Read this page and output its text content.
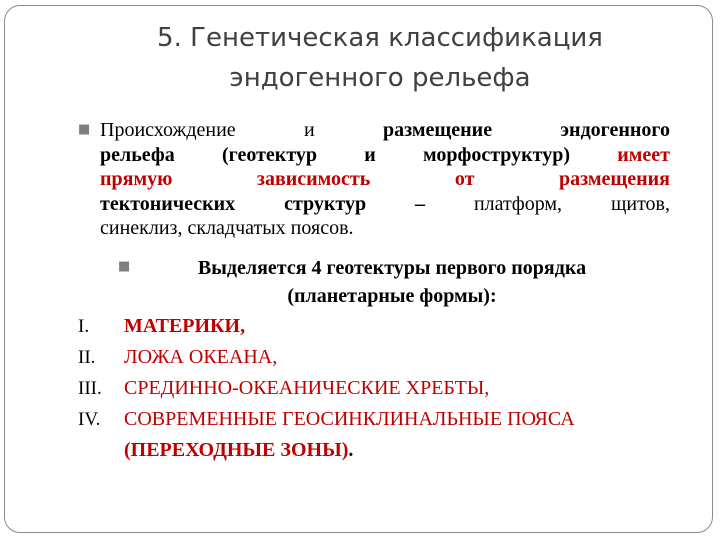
5. Генетическая классификация
эндогенного рельефа
■ Происхождение и размещение эндогенного
рельефа (геотектур и морфоструктур) имеет
прямую зависимость от размещения
тектонических структур – платформ, щитов,
синеклиз, складчатых поясов.
■	Выделяется 4 геотектуры первого порядка
(планетарные формы):
I. МАТЕРИКИ,
II. ЛОЖА ОКЕАНА,
III. СРЕДИННО-ОКЕАНИЧЕСКИЕ ХРЕБТЫ,
IV. СОВРЕМЕННЫЕ ГЕОСИНКЛИНАЛЬНЫЕ ПОЯСА
(ПЕРЕХОДНЫЕ ЗОНЫ).
